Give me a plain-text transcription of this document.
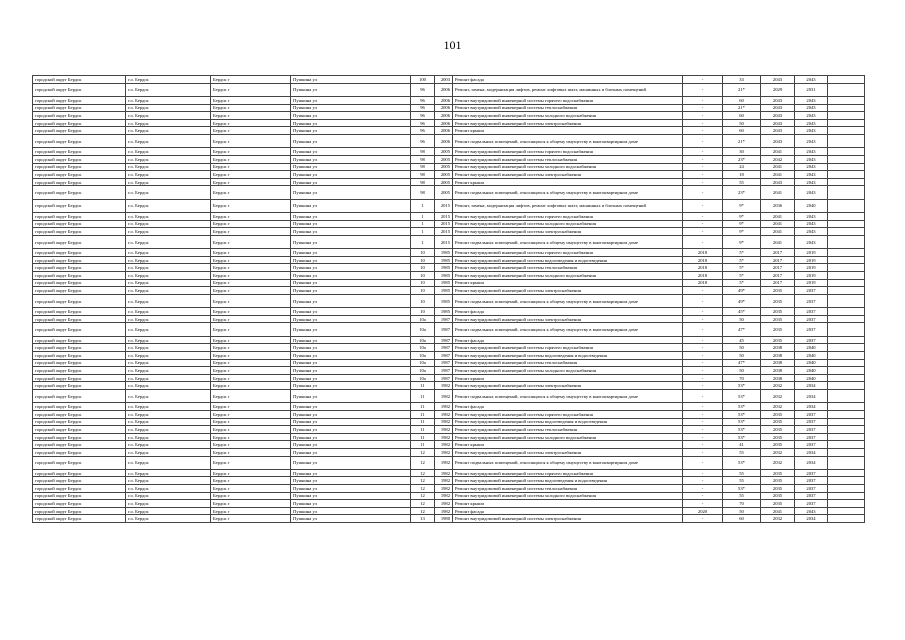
101
городской округ Бердск	г.о. Бердск	Бердск г	Пушкина ул	100	2003	Ремонт фасада	-	33	2043	2043	
городской округ Бердск	г.о. Бердск	Бердск г	Пушкина ул	96	2006	Ремонт, замена, модернизация лифтов, ремонт лифтовых шахт, машинных и блочных помещений	-	21*	2029	2031	
городской округ Бердск	г.о. Бердск	Бердск г	Пушкина ул	96	2006	Ремонт внутридомовой инженерной системы горячего водоснабжения	-	60	2043	2043	
городской округ Бердск	г.о. Бердск	Бердск г	Пушкина ул	96	2006	Ремонт внутридомовой инженерной системы теплоснабжения	-	21*	2043	2043	
городской округ Бердск	г.о. Бердск	Бердск г	Пушкина ул	96	2006	Ремонт внутридомовой инженерной системы холодного водоснабжения	-	60	2043	2043	
городской округ Бердск	г.о. Бердск	Бердск г	Пушкина ул	96	2006	Ремонт внутридомовой инженерной системы электроснабжения	-	50	2043	2043	
городской округ Бердск	г.о. Бердск	Бердск г	Пушкина ул	96	2006	Ремонт крыши	-	60	2043	2043	
городской округ Бердск	г.о. Бердск	Бердск г	Пушкина ул	96	2006	Ремонт подвальных помещений, относящихся к общему имуществу в многоквартирном доме	-	21*	2043	2043	
городской округ Бердск	г.о. Бердск	Бердск г	Пушкина ул	98	2005	Ремонт внутридомовой инженерной системы горячего водоснабжения	-	30	2041	2043	
городской округ Бердск	г.о. Бердск	Бердск г	Пушкина ул	98	2005	Ремонт внутридомовой инженерной системы теплоснабжения	-	23*	2042	2043	
городской округ Бердск	г.о. Бердск	Бердск г	Пушкина ул	98	2005	Ремонт внутридомовой инженерной системы холодного водоснабжения	-	24	2041	2043	
городской округ Бердск	г.о. Бердск	Бердск г	Пушкина ул	98	2005	Ремонт внутридомовой инженерной системы электроснабжения	-	18	2041	2043	
городской округ Бердск	г.о. Бердск	Бердск г	Пушкина ул	98	2005	Ремонт крыши	-	55	2043	2043	
городской округ Бердск	г.о. Бердск	Бердск г	Пушкина ул	98	2005	Ремонт подвальных помещений, относящихся к общему имуществу в многоквартирном доме	-	23*	2041	2043	
городской округ Бердск	г.о. Бердск	Бердск г	Пушкина ул	1	2015	Ремонт, замена, модернизация лифтов, ремонт лифтовых шахт, машинных и блочных помещений	-	9*	2036	2040	
городской округ Бердск	г.о. Бердск	Бердск г	Пушкина ул	1	2015	Ремонт внутридомовой инженерной системы горячего водоснабжения	-	9*	2041	2043	
городской округ Бердск	г.о. Бердск	Бердск г	Пушкина ул	1	2015	Ремонт внутридомовой инженерной системы холодного водоснабжения	-	9*	2041	2043	
городской округ Бердск	г.о. Бердск	Бердск г	Пушкина ул	1	2015	Ремонт внутридомовой инженерной системы электроснабжения	-	9*	2041	2043	
городской округ Бердск	г.о. Бердск	Бердск г	Пушкина ул	1	2015	Ремонт подвальных помещений, относящихся к общему имуществу в многоквартирном доме	-	9*	2041	2043	
городской округ Бердск	г.о. Бердск	Бердск г	Пушкина ул	10	1985	Ремонт внутридомовой инженерной системы горячего водоснабжения	2018	5*	2017	2019	
городской округ Бердск	г.о. Бердск	Бердск г	Пушкина ул	10	1985	Ремонт внутридомовой инженерной системы водоотведения и водоотведения	2018	5*	2017	2019	
городской округ Бердск	г.о. Бердск	Бердск г	Пушкина ул	10	1985	Ремонт внутридомовой инженерной системы теплоснабжения	2018	5*	2017	2019	
городской округ Бердск	г.о. Бердск	Бердск г	Пушкина ул	10	1985	Ремонт внутридомовой инженерной системы холодного водоснабжения	2018	5*	2017	2019	
городской округ Бердск	г.о. Бердск	Бердск г	Пушкина ул	10	1985	Ремонт крыши	2018	5*	2017	2019	
городской округ Бердск	г.о. Бердск	Бердск г	Пушкина ул	10	1985	Ремонт внутридомовой инженерной системы электроснабжения	-	49*	2035	2037	
городской округ Бердск	г.о. Бердск	Бердск г	Пушкина ул	10	1985	Ремонт подвальных помещений, относящихся к общему имуществу в многоквартирном доме	-	49*	2035	2037	
городской округ Бердск	г.о. Бердск	Бердск г	Пушкина ул	10	1985	Ремонт фасада	-	45*	2035	2037	
городской округ Бердск	г.о. Бердск	Бердск г	Пушкина ул	10а	1987	Ремонт внутридомовой инженерной системы электроснабжения	-	50	2035	2037	
городской округ Бердск	г.о. Бердск	Бердск г	Пушкина ул	10а	1987	Ремонт подвальных помещений, относящихся к общему имуществу в многоквартирном доме	-	47*	2035	2037	
городской округ Бердск	г.о. Бердск	Бердск г	Пушкина ул	10а	1987	Ремонт фасада	-	45	2035	2037	
городской округ Бердск	г.о. Бердск	Бердск г	Пушкина ул	10а	1987	Ремонт внутридомовой инженерной системы горячего водоснабжения	-	50	2038	2040	
городской округ Бердск	г.о. Бердск	Бердск г	Пушкина ул	10а	1987	Ремонт внутридомовой инженерной системы водоотведения и водоотведения	-	50	2038	2040	
городской округ Бердск	г.о. Бердск	Бердск г	Пушкина ул	10а	1987	Ремонт внутридомовой инженерной системы теплоснабжения	-	47*	2038	2040	
городской округ Бердск	г.о. Бердск	Бердск г	Пушкина ул	10а	1987	Ремонт внутридомовой инженерной системы холодного водоснабжения	-	50	2038	2040	
городской округ Бердск	г.о. Бердск	Бердск г	Пушкина ул	10а	1987	Ремонт крыши	-	70	2038	2040	
городской округ Бердск	г.о. Бердск	Бердск г	Пушкина ул	11	1982	Ремонт внутридомовой инженерной системы электроснабжения	-	53*	2032	2034	
городской округ Бердск	г.о. Бердск	Бердск г	Пушкина ул	11	1982	Ремонт подвальных помещений, относящихся к общему имуществу в многоквартирном доме	-	53*	2032	2034	
городской округ Бердск	г.о. Бердск	Бердск г	Пушкина ул	11	1982	Ремонт фасада	-	53*	2032	2034	
городской округ Бердск	г.о. Бердск	Бердск г	Пушкина ул	11	1982	Ремонт внутридомовой инженерной системы горячего водоснабжения	-	53*	2035	2037	
городской округ Бердск	г.о. Бердск	Бердск г	Пушкина ул	11	1982	Ремонт внутридомовой инженерной системы водоотведения и водоотведения	-	53*	2035	2037	
городской округ Бердск	г.о. Бердск	Бердск г	Пушкина ул	11	1982	Ремонт внутридомовой инженерной системы теплоснабжения	-	53*	2035	2037	
городской округ Бердск	г.о. Бердск	Бердск г	Пушкина ул	11	1982	Ремонт внутридомовой инженерной системы холодного водоснабжения	-	53*	2035	2037	
городской округ Бердск	г.о. Бердск	Бердск г	Пушкина ул	11	1982	Ремонт крыши	-	41	2035	2037	
городской округ Бердск	г.о. Бердск	Бердск г	Пушкина ул	12	1982	Ремонт внутридомовой инженерной системы электроснабжения	-	55	2032	2034	
городской округ Бердск	г.о. Бердск	Бердск г	Пушкина ул	12	1982	Ремонт подвальных помещений, относящихся к общему имуществу в многоквартирном доме	-	53*	2032	2034	
городской округ Бердск	г.о. Бердск	Бердск г	Пушкина ул	12	1982	Ремонт внутридомовой инженерной системы горячего водоснабжения	-	55	2035	2037	
городской округ Бердск	г.о. Бердск	Бердск г	Пушкина ул	12	1982	Ремонт внутридомовой инженерной системы водоотведения и водоотведения	-	55	2035	2037	
городской округ Бердск	г.о. Бердск	Бердск г	Пушкина ул	12	1982	Ремонт внутридомовой инженерной системы теплоснабжения	-	53*	2035	2037	
городской округ Бердск	г.о. Бердск	Бердск г	Пушкина ул	12	1982	Ремонт внутридомовой инженерной системы холодного водоснабжения	-	55	2035	2037	
городской округ Бердск	г.о. Бердск	Бердск г	Пушкина ул	12	1982	Ремонт крыши	-	70	2035	2037	
городской округ Бердск	г.о. Бердск	Бердск г	Пушкина ул	12	1982	Ремонт фасада	2020	50	2041	2043	
городской округ Бердск	г.о. Бердск	Бердск г	Пушкина ул	13	1980	Ремонт внутридомовой инженерной системы электроснабжения	-	60	2032	2034	
